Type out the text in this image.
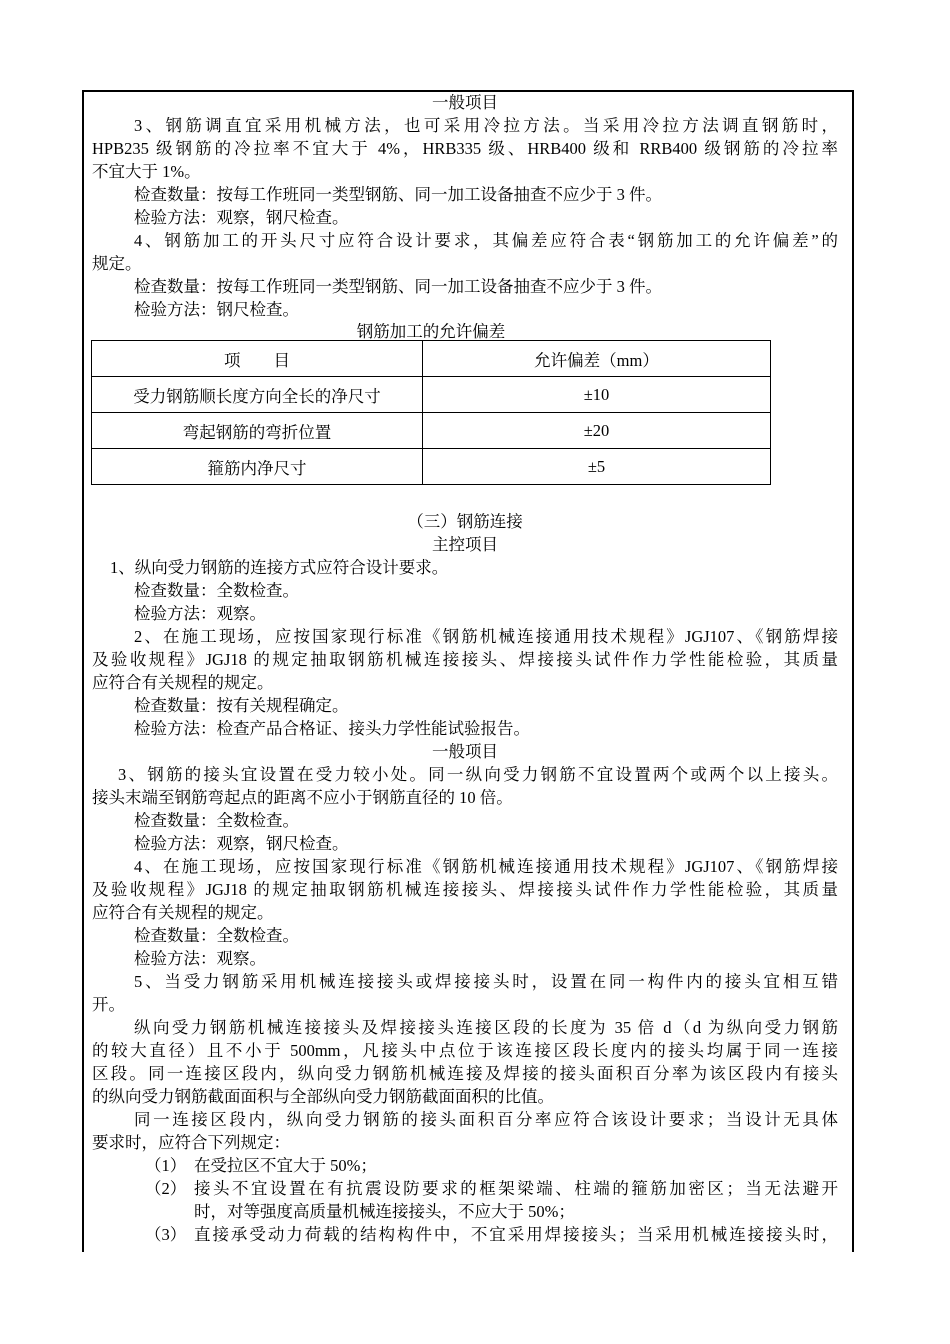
一般项目
3、钢筋调直宜采用机械方法，也可采用冷拉方法。当采用冷拉方法调直钢筋时，
HPB235 级钢筋的冷拉率不宜大于 4%，HRB335 级、HRB400 级和 RRB400 级钢筋的冷拉率
不宜大于 1%。
检查数量：按每工作班同一类型钢筋、同一加工设备抽查不应少于 3 件。
检验方法：观察，钢尺检查。
4、钢筋加工的开头尺寸应符合设计要求，其偏差应符合表“钢筋加工的允许偏差”的
规定。
检查数量：按每工作班同一类型钢筋、同一加工设备抽查不应少于 3 件。
检验方法：钢尺检查。
钢筋加工的允许偏差
项　　目	允许偏差（mm）
受力钢筋顺长度方向全长的净尺寸	±10
弯起钢筋的弯折位置	±20
箍筋内净尺寸	±5
（三）钢筋连接
主控项目
1、纵向受力钢筋的连接方式应符合设计要求。
检查数量：全数检查。
检验方法：观察。
2、在施工现场，应按国家现行标准《钢筋机械连接通用技术规程》JGJ107、《钢筋焊接
及验收规程》JGJ18 的规定抽取钢筋机械连接接头、焊接接头试件作力学性能检验，其质量
应符合有关规程的规定。
检查数量：按有关规程确定。
检验方法：检查产品合格证、接头力学性能试验报告。
一般项目
3、钢筋的接头宜设置在受力较小处。同一纵向受力钢筋不宜设置两个或两个以上接头。
接头末端至钢筋弯起点的距离不应小于钢筋直径的 10 倍。
检查数量：全数检查。
检验方法：观察，钢尺检查。
4、在施工现场，应按国家现行标准《钢筋机械连接通用技术规程》JGJ107、《钢筋焊接
及验收规程》JGJ18 的规定抽取钢筋机械连接接头、焊接接头试件作力学性能检验，其质量
应符合有关规程的规定。
检查数量：全数检查。
检验方法：观察。
5、当受力钢筋采用机械连接接头或焊接接头时，设置在同一构件内的接头宜相互错
开。
纵向受力钢筋机械连接接头及焊接接头连接区段的长度为 35 倍 d（d 为纵向受力钢筋
的较大直径）且不小于 500mm，凡接头中点位于该连接区段长度内的接头均属于同一连接
区段。同一连接区段内，纵向受力钢筋机械连接及焊接的接头面积百分率为该区段内有接头
的纵向受力钢筋截面面积与全部纵向受力钢筋截面面积的比值。
同一连接区段内，纵向受力钢筋的接头面积百分率应符合该设计要求；当设计无具体
要求时，应符合下列规定：
（1） 在受拉区不宜大于 50%；
（2） 接头不宜设置在有抗震设防要求的框架梁端、柱端的箍筋加密区；当无法避开
时，对等强度高质量机械连接接头，不应大于 50%；
（3） 直接承受动力荷载的结构构件中，不宜采用焊接接头；当采用机械连接接头时，
